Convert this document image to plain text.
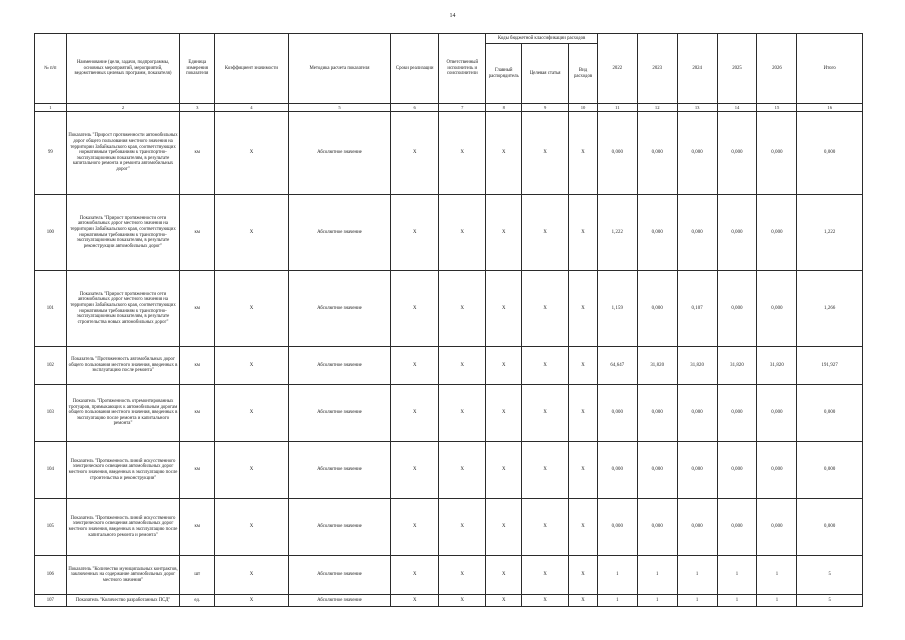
14
№ п/п	Наименование (цели, задачи, подпрограммы, основных мероприятий, мероприятий, ведомственных целевых программ, показателя)	Единица измерения показателя	Коэффициент значимости	Методика расчета показателя	Сроки реализации	Ответственный исполнитель и соисполнители	Коды бюджетной классификации расходов			2022	2023	2024	2025	2026	Итого
							Главный распорядитель	Целевая статья	Вид расходов						
1	2	3	4	5	6	7	8	9	10	11	12	13	14	15	16
99	Показатель "Прирост протяженности автомобильных дорог общего пользования местного значения на территории Забайкальского края, соответствующих нормативным требованиям к транспортно-эксплуатационным показателям, в результате капитального ремонта и ремонта автомобильных дорог"	км	Х	Абсолютное значение	Х	Х	Х	Х	Х	0,000	0,000	0,000	0,000	0,000	0,000
100	Показатель "Прирост протяженности сети автомобильных дорог местного значения на территории Забайкальского края, соответствующих нормативным требованиям к транспортно-эксплуатационным показателям, в результате реконструкции автомобильных дорог"	км	Х	Абсолютное значение	Х	Х	Х	Х	Х	1,222	0,000	0,000	0,000	0,000	1,222
101	Показатель "Прирост протяженности сети автомобильных дорог местного значения на территории Забайкальского края, соответствующих нормативным требованиям к транспортно-эксплуатационным показателям, в результате строительства новых автомобильных дорог"	км	Х	Абсолютное значение	Х	Х	Х	Х	Х	1,159	0,000	0,107	0,000	0,000	1,266
102	Показатель "Протяженность автомобильных дорог общего пользования местного значения, введенных в эксплуатацию после ремонта"	км	Х	Абсолютное значение	Х	Х	Х	Х	Х	64,647	31,820	31,820	31,820	31,820	191,927
103	Показатель "Протяженность отремонтированных тротуаров, примыкающих к автомобильным дорогам общего пользования местного значения, введенных в эксплуатацию после ремонта и капитального ремонта"	км	Х	Абсолютное значение	Х	Х	Х	Х	Х	0,000	0,000	0,000	0,000	0,000	0,000
104	Показатель "Протяженность линий искусственного электрического освещения автомобильных дорог местного значения, введенных в эксплуатацию после строительства и реконструкции"	км	Х	Абсолютное значение	Х	Х	Х	Х	Х	0,000	0,000	0,000	0,000	0,000	0,000
105	Показатель "Протяженность линий искусственного электрического освещения автомобильных дорог местного значения, введенных в эксплуатацию после капитального ремонта и ремонта"	км	Х	Абсолютное значение	Х	Х	Х	Х	Х	0,000	0,000	0,000	0,000	0,000	0,000
106	Показатель "Количество муниципальных контрактов, заключенных на содержание автомобильных дорог местного значения"	шт	Х	Абсолютное значение	Х	Х	Х	Х	Х	1	1	1	1	1	5
107	Показатель "Количество разработанных ПСД"	ед.	Х	Абсолютное значение	Х	Х	Х	Х	Х	1	1	1	1	1	5
